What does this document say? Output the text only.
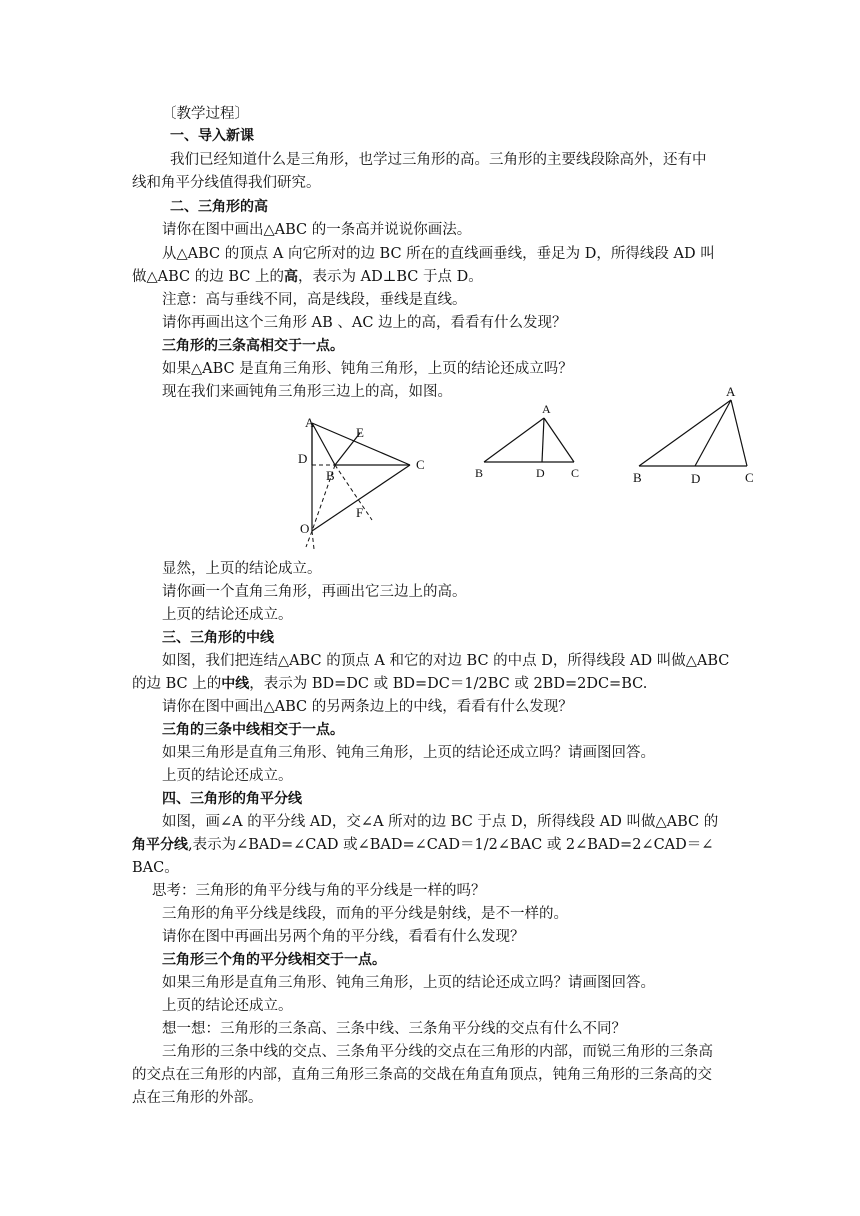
〔教学过程〕
一、导入新课
我们已经知道什么是三角形，也学过三角形的高。三角形的主要线段除高外，还有中
线和角平分线值得我们研究。
二、三角形的高
请你在图中画出△ABC 的一条高并说说你画法。
从△ABC 的顶点 A 向它所对的边 BC 所在的直线画垂线，垂足为 D，所得线段 AD 叫
做△ABC 的边 BC 上的高，表示为 AD⊥BC 于点 D。
注意：高与垂线不同，高是线段，垂线是直线。
请你再画出这个三角形 AB 、AC 边上的高，看看有什么发现？
三角形的三条高相交于一点。
如果△ABC 是直角三角形、钝角三角形，上页的结论还成立吗？
现在我们来画钝角三角形三边上的高，如图。
A
E
D	C
B
F
O
A
B	D C
A
B	D	C
显然，上页的结论成立。
请你画一个直角三角形，再画出它三边上的高。
上页的结论还成立。
三、三角形的中线
如图，我们把连结△ABC 的顶点 A 和它的对边 BC 的中点 D，所得线段 AD 叫做△ABC
的边 BC 上的中线，表示为 BD=DC 或 BD=DC＝1/2BC 或 2BD=2DC=BC.
请你在图中画出△ABC 的另两条边上的中线，看看有什么发现？
三角的三条中线相交于一点。
如果三角形是直角三角形、钝角三角形，上页的结论还成立吗？请画图回答。
上页的结论还成立。
四、三角形的角平分线
如图，画∠A 的平分线 AD，交∠A 所对的边 BC 于点 D，所得线段 AD 叫做△ABC 的
角平分线,表示为∠BAD=∠CAD 或∠BAD=∠CAD＝1/2∠BAC 或 2∠BAD=2∠CAD＝∠
BAC。
思考：三角形的角平分线与角的平分线是一样的吗？
三角形的角平分线是线段，而角的平分线是射线，是不一样的。
请你在图中再画出另两个角的平分线，看看有什么发现？
三角形三个角的平分线相交于一点。
如果三角形是直角三角形、钝角三角形，上页的结论还成立吗？请画图回答。
上页的结论还成立。
想一想：三角形的三条高、三条中线、三条角平分线的交点有什么不同？
三角形的三条中线的交点、三条角平分线的交点在三角形的内部，而锐三角形的三条高
的交点在三角形的内部，直角三角形三条高的交战在角直角顶点，钝角三角形的三条高的交
点在三角形的外部。
